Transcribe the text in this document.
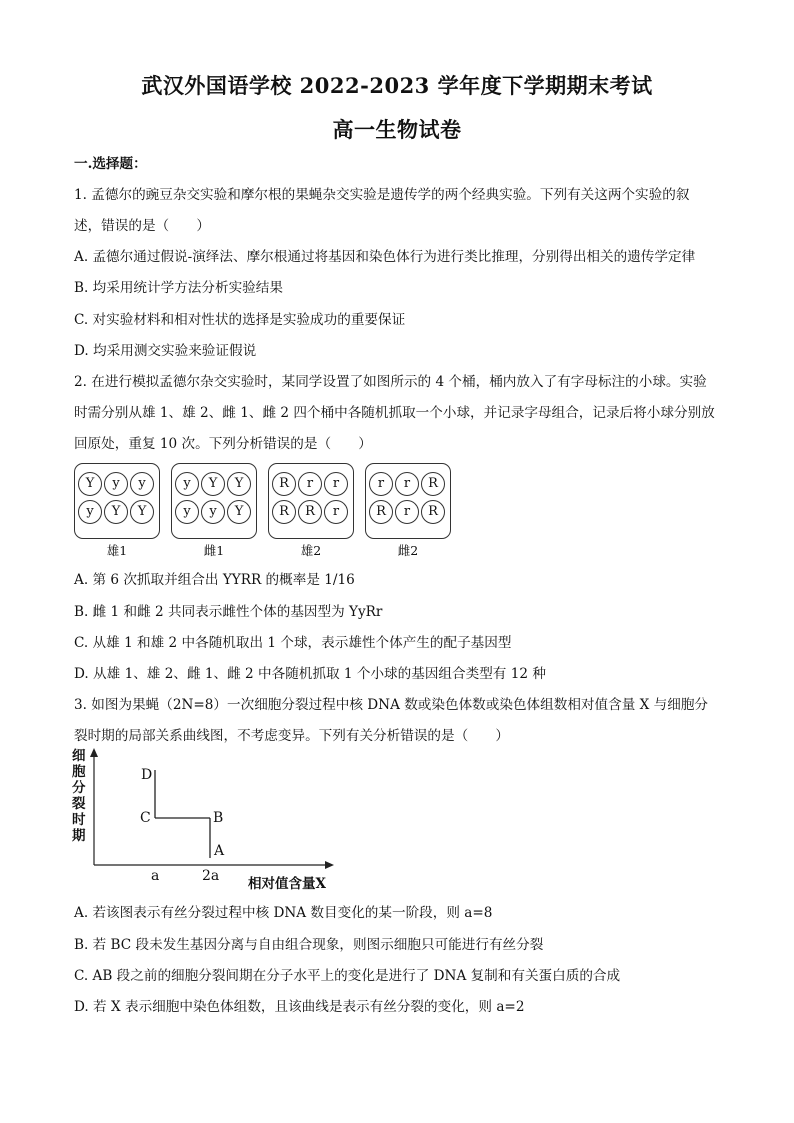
武汉外国语学校 2022-2023 学年度下学期期末考试
高一生物试卷
一.选择题：
1. 孟德尔的豌豆杂交实验和摩尔根的果蝇杂交实验是遗传学的两个经典实验。下列有关这两个实验的叙
述，错误的是（　　）
A. 孟德尔通过假说-演绎法、摩尔根通过将基因和染色体行为进行类比推理，分别得出相关的遗传学定律
B. 均采用统计学方法分析实验结果
C. 对实验材料和相对性状的选择是实验成功的重要保证
D. 均采用测交实验来验证假说
2. 在进行模拟孟德尔杂交实验时，某同学设置了如图所示的 4 个桶，桶内放入了有字母标注的小球。实验
时需分别从雄 1、雄 2、雌 1、雌 2 四个桶中各随机抓取一个小球，并记录字母组合，记录后将小球分别放
回原处，重复 10 次。下列分析错误的是（　　）
Y	y	y
y	Y	Y
雄1
y	Y	Y
y	y	Y
雌1
R	r	r
R	R	r
雄2
r	r	R
R	r	R
雌2
A. 第 6 次抓取并组合出 YYRR 的概率是 1/16
B. 雌 1 和雌 2 共同表示雌性个体的基因型为 YyRr
C. 从雄 1 和雄 2 中各随机取出 1 个球，表示雄性个体产生的配子基因型
D. 从雄 1、雄 2、雌 1、雌 2 中各随机抓取 1 个小球的基因组合类型有 12 种
3. 如图为果蝇（2N=8）一次细胞分裂过程中核 DNA 数或染色体数或染色体组数相对值含量 X 与细胞分
裂时期的局部关系曲线图，不考虑变异。下列有关分析错误的是（　　）
细胞分裂时期
D
C	B
A
a	2a 相对值含量X
A. 若该图表示有丝分裂过程中核 DNA 数目变化的某一阶段，则 a=8
B. 若 BC 段未发生基因分离与自由组合现象，则图示细胞只可能进行有丝分裂
C. AB 段之前的细胞分裂间期在分子水平上的变化是进行了 DNA 复制和有关蛋白质的合成
D. 若 X 表示细胞中染色体组数，且该曲线是表示有丝分裂的变化，则 a=2
